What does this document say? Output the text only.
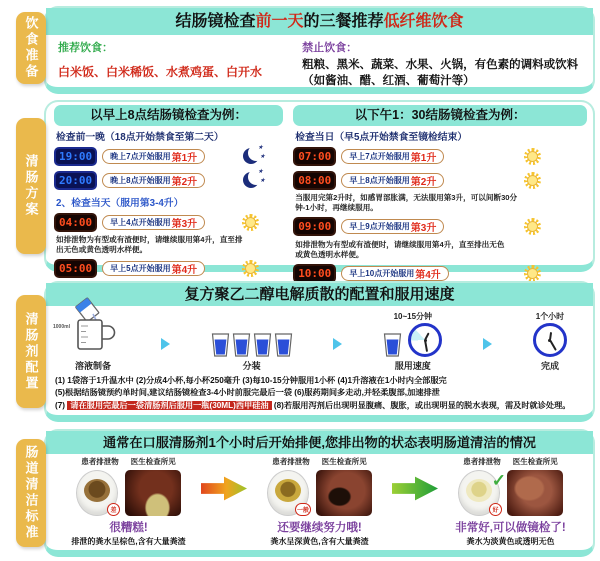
饮食准备	结肠镜检查前一天的三餐推荐低纤维饮食
推荐饮食：
白米饭、白米稀饭、水煮鸡蛋、白开水
禁止饮食：
粗粮、黑米、蔬菜、水果、火锅，有色素的调料或饮料（如酱油、醋、红酒、葡萄汁等）
清肠方案
以早上8点结肠镜检查为例：
检查前一晚（18点开始禁食至第二天）
19:00	晚上7点开始服用 第1升
★
20:00	晚上8点开始服用 第2升
★
2、检查当天（服用第3-4升）
04:00	早上4点开始服用 第3升
如排泄物为有型或有渣便时，请继续服用第4升，直至排出无色或黄色透明水样便。
05:00	早上5点开始服用 第4升
以下午1：30结肠镜检查为例：
检查当日（早5点开始禁食至镜检结束）
07:00	早上7点开始服用 第1升
08:00	早上8点开始服用 第2升
当服用完第2升时，如感胃部胀满，无法服用第3升，可以间断30分钟-1小时，再继续服用。
09:00	早上9点开始服用 第3升
如排泄物为有型或有渣便时，请继续服用第4升，直至排出无色或黄色透明水样便。
10:00	早上10点开始服用 第4升
清肠剂配置
复方聚乙二醇电解质散的配置和服用速度
1000ml
溶液制备	分装
10~15分钟
服用速度
1个小时
完成
(1) 1袋溶于1升温水中 (2)分成4小杯,每小杯250毫升 (3)每10-15分钟服用1小杯 (4)1升溶液在1小时内全部服完
(5)根据结肠镜预约单时间,建议结肠镜检查3-4小时前服完最后一袋 (6)服药期间多走动,并轻柔腹部,加速排泄
(7) 请在服用完最后一袋清肠剂后服用一瓶(30ML)西甲硅油 (8)若服用泻剂后出现明显腹痛、腹胀，或出现明显的脱水表现，需及时就诊处理。
肠道清洁标准
通常在口服清肠剂1个小时后开始排便,您排出物的状态表明肠道清洁的情况
患者排泄物 医生检查所见
差
很糟糕!
排泄的粪水呈棕色,含有大量粪渣
患者排泄物 医生检查所见
一般
还要继续努力哦!
粪水呈深黄色,含有大量粪渣
患者排泄物 医生检查所见
✓
好
非常好,可以做镜检了!
粪水为淡黄色或透明无色
